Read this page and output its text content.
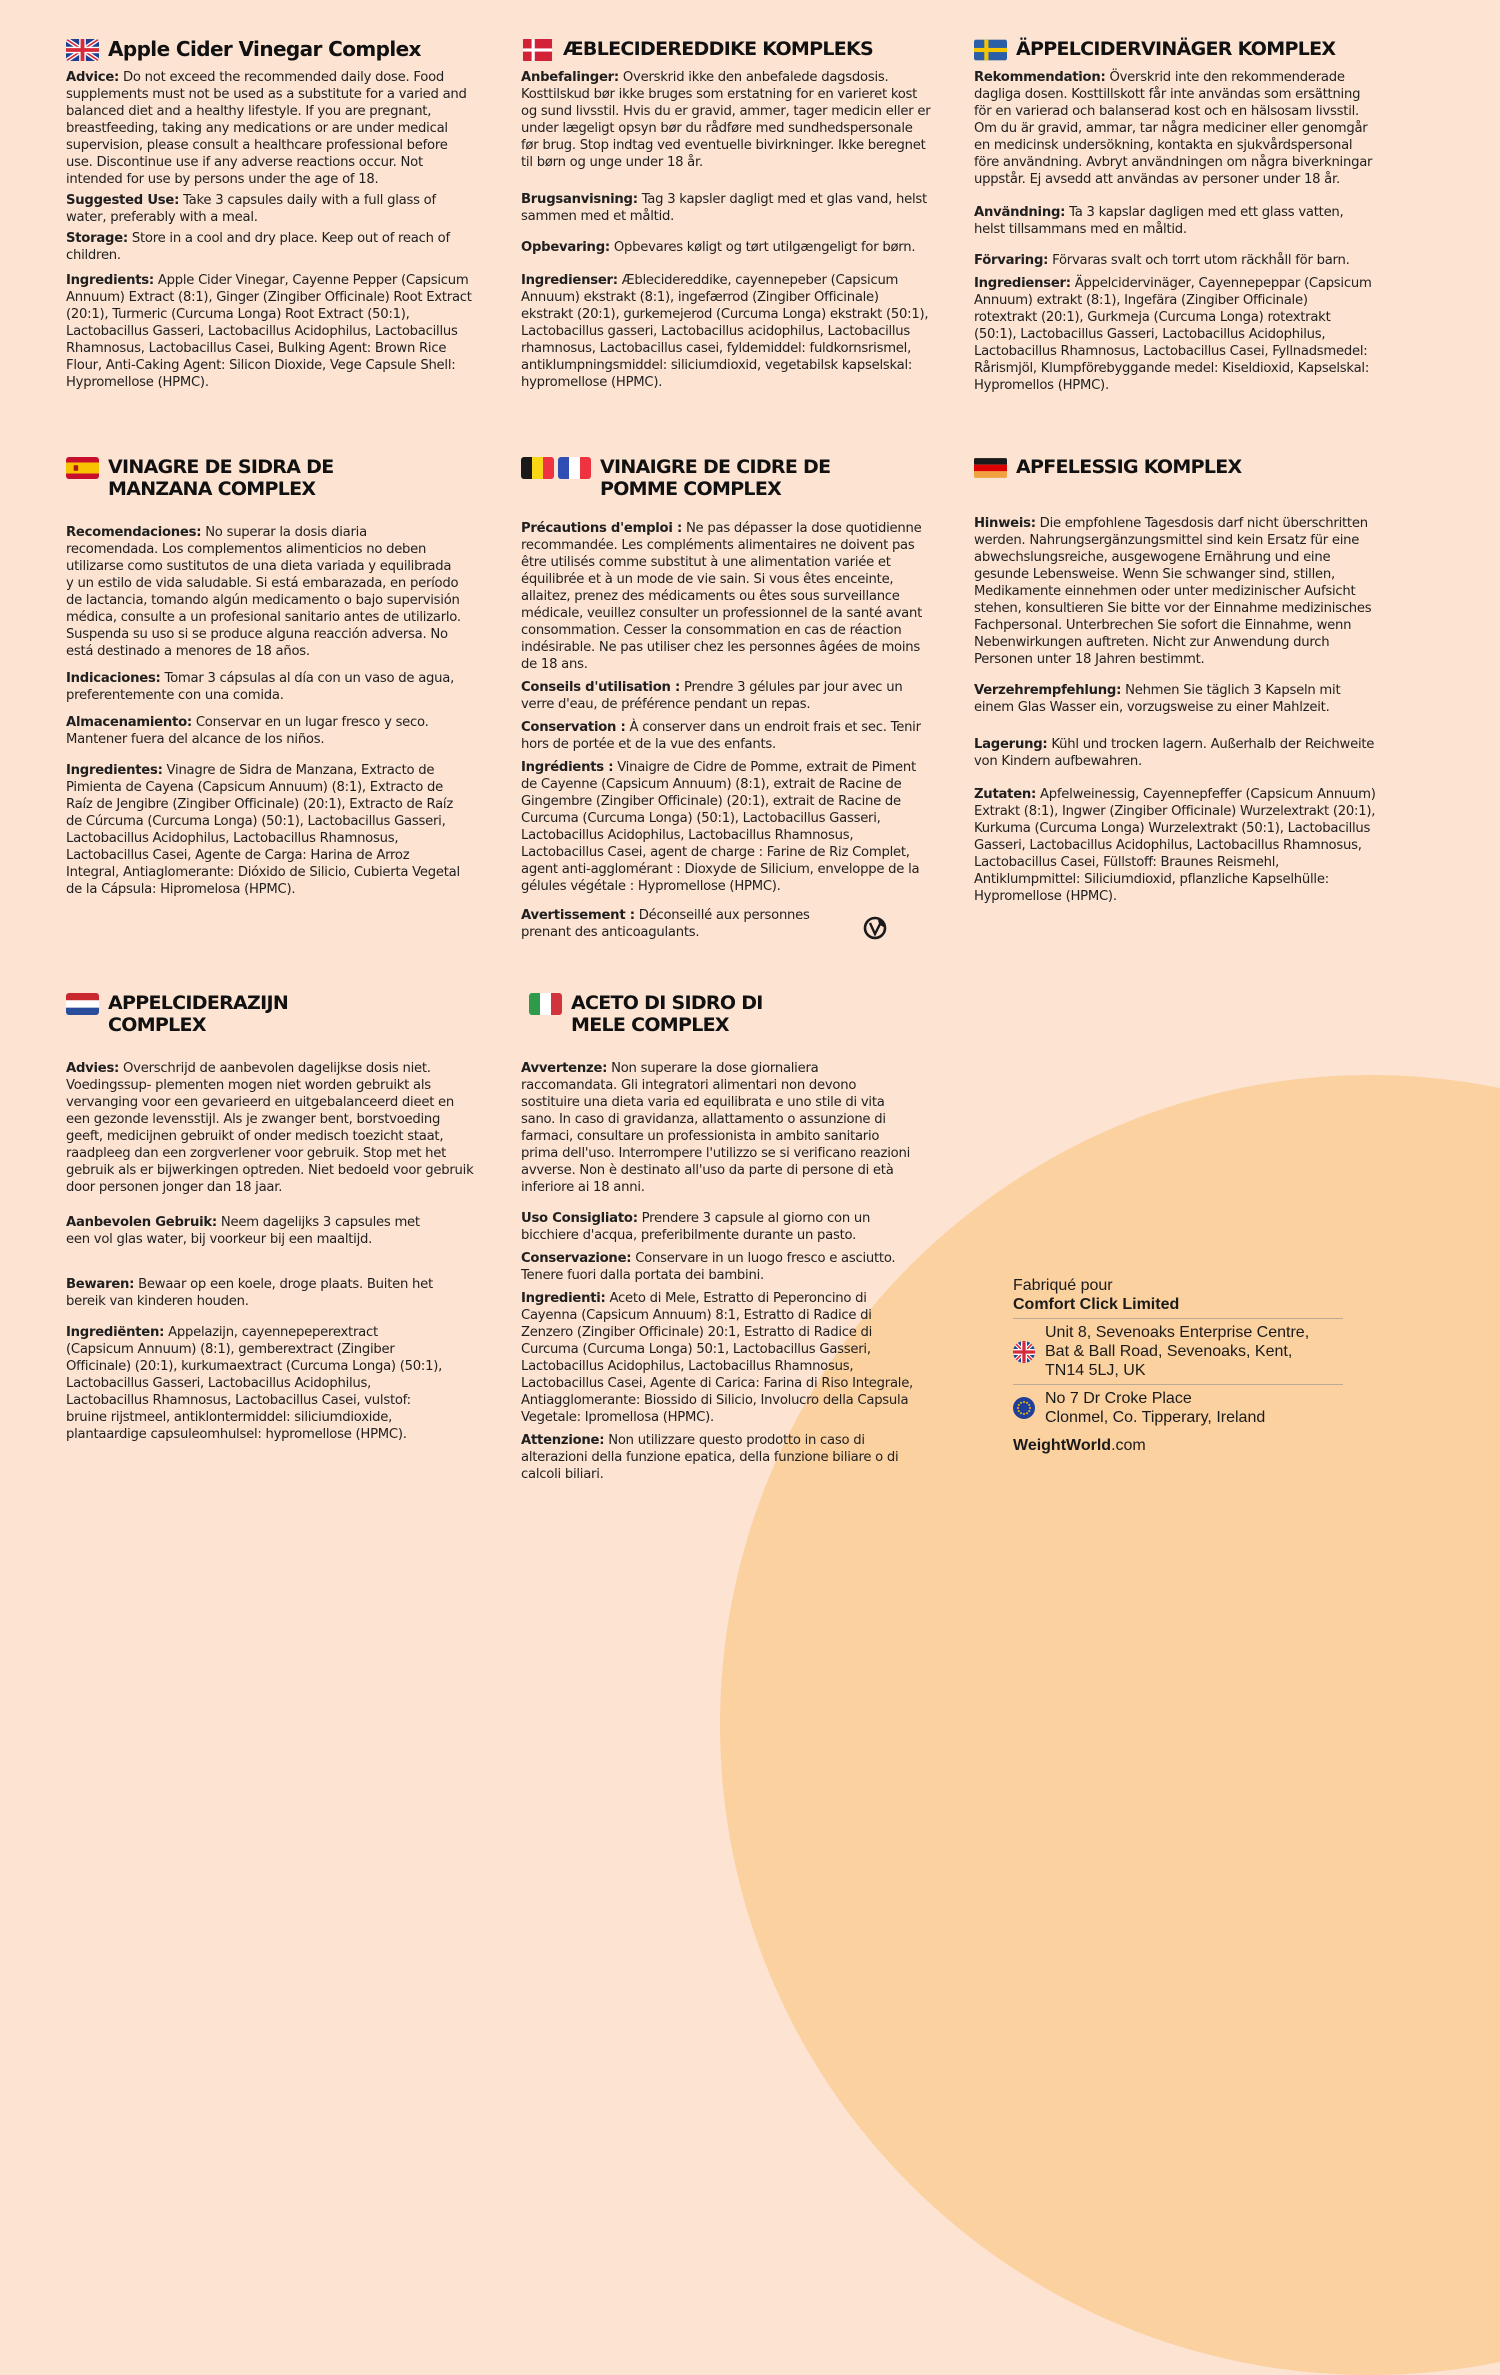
Apple Cider Vinegar Complex

Advice: Do not exceed the recommended daily dose. Food supplements must not be used as a substitute for a varied and balanced diet and a healthy lifestyle. If you are pregnant, breastfeeding, taking any medications or are under medical supervision, please consult a healthcare professional before use. Discontinue use if any adverse reactions occur. Not intended for use by persons under the age of 18.

Suggested Use: Take 3 capsules daily with a full glass of water, preferably with a meal.

Storage: Store in a cool and dry place. Keep out of reach of children.

Ingredients: Apple Cider Vinegar, Cayenne Pepper (Capsicum Annuum) Extract (8:1), Ginger (Zingiber Officinale) Root Extract (20:1), Turmeric (Curcuma Longa) Root Extract (50:1), Lactobacillus Gasseri, Lactobacillus Acidophilus, Lactobacillus Rhamnosus, Lactobacillus Casei, Bulking Agent: Brown Rice Flour, Anti-Caking Agent: Silicon Dioxide, Vege Capsule Shell: Hypromellose (HPMC).

ÆBLECIDEREDDIKE KOMPLEKS

Anbefalinger: Overskrid ikke den anbefalede dagsdosis. Kosttilskud bør ikke bruges som erstatning for en varieret kost og sund livsstil. Hvis du er gravid, ammer, tager medicin eller er under lægeligt opsyn bør du rådføre med sundhedspersonale før brug. Stop indtag ved eventuelle bivirkninger. Ikke beregnet til børn og unge under 18 år.

Brugsanvisning: Tag 3 kapsler dagligt med et glas vand, helst sammen med et måltid.

Opbevaring: Opbevares køligt og tørt utilgængeligt for børn.

Ingredienser: Æblecidereddike, cayennepeber (Capsicum Annuum) ekstrakt (8:1), ingefærrod (Zingiber Officinale) ekstrakt (20:1), gurkemejerod (Curcuma Longa) ekstrakt (50:1), Lactobacillus gasseri, Lactobacillus acidophilus, Lactobacillus rhamnosus, Lactobacillus casei, fyldemiddel: fuldkornsrismel, antiklumpningsmiddel: siliciumdioxid, vegetabilsk kapselskal: hypromellose (HPMC).

ÄPPELCIDERVINÄGER KOMPLEX

Rekommendation: Överskrid inte den rekommenderade dagliga dosen. Kosttillskott får inte användas som ersättning för en varierad och balanserad kost och en hälsosam livsstil. Om du är gravid, ammar, tar några mediciner eller genomgår en medicinsk undersökning, kontakta en sjukvårdspersonal före användning. Avbryt användningen om några biverkningar uppstår. Ej avsedd att användas av personer under 18 år.

Användning: Ta 3 kapslar dagligen med ett glass vatten, helst tillsammans med en måltid.

Förvaring: Förvaras svalt och torrt utom räckhåll för barn.

Ingredienser: Äppelcidervinäger, Cayennepeppar (Capsicum Annuum) extrakt (8:1), Ingefära (Zingiber Officinale) rotextrakt (20:1), Gurkmeja (Curcuma Longa) rotextrakt (50:1), Lactobacillus Gasseri, Lactobacillus Acidophilus, Lactobacillus Rhamnosus, Lactobacillus Casei, Fyllnadsmedel: Rårismjöl, Klumpförebyggande medel: Kiseldioxid, Kapselskal: Hypromellos (HPMC).

VINAGRE DE SIDRA DE
MANZANA COMPLEX

Recomendaciones: No superar la dosis diaria recomendada. Los complementos alimenticios no deben utilizarse como sustitutos de una dieta variada y equilibrada y un estilo de vida saludable. Si está embarazada, en período de lactancia, tomando algún medicamento o bajo supervisión médica, consulte a un profesional sanitario antes de utilizarlo. Suspenda su uso si se produce alguna reacción adversa. No está destinado a menores de 18 años.

Indicaciones: Tomar 3 cápsulas al día con un vaso de agua, preferentemente con una comida.

Almacenamiento: Conservar en un lugar fresco y seco. Mantener fuera del alcance de los niños.

Ingredientes: Vinagre de Sidra de Manzana, Extracto de Pimienta de Cayena (Capsicum Annuum) (8:1), Extracto de Raíz de Jengibre (Zingiber Officinale) (20:1), Extracto de Raíz de Cúrcuma (Curcuma Longa) (50:1), Lactobacillus Gasseri, Lactobacillus Acidophilus, Lactobacillus Rhamnosus, Lactobacillus Casei, Agente de Carga: Harina de Arroz Integral, Antiaglomerante: Dióxido de Silicio, Cubierta Vegetal de la Cápsula: Hipromelosa (HPMC).

VINAIGRE DE CIDRE DE
POMME COMPLEX

Précautions d'emploi : Ne pas dépasser la dose quotidienne recommandée. Les compléments alimentaires ne doivent pas être utilisés comme substitut à une alimentation variée et équilibrée et à un mode de vie sain. Si vous êtes enceinte, allaitez, prenez des médicaments ou êtes sous surveillance médicale, veuillez consulter un professionnel de la santé avant consommation. Cesser la consommation en cas de réaction indésirable. Ne pas utiliser chez les personnes âgées de moins de 18 ans.

Conseils d'utilisation : Prendre 3 gélules par jour avec un verre d'eau, de préférence pendant un repas.

Conservation : À conserver dans un endroit frais et sec. Tenir hors de portée et de la vue des enfants.

Ingrédients : Vinaigre de Cidre de Pomme, extrait de Piment de Cayenne (Capsicum Annuum) (8:1), extrait de Racine de Gingembre (Zingiber Officinale) (20:1), extrait de Racine de Curcuma (Curcuma Longa) (50:1), Lactobacillus Gasseri, Lactobacillus Acidophilus, Lactobacillus Rhamnosus, Lactobacillus Casei, agent de charge : Farine de Riz Complet, agent anti-agglomérant : Dioxyde de Silicium, enveloppe de la gélules végétale : Hypromellose (HPMC).

Avertissement : Déconseillé aux personnes prenant des anticoagulants.

APFELESSIG KOMPLEX

Hinweis: Die empfohlene Tagesdosis darf nicht überschritten werden. Nahrungsergänzungsmittel sind kein Ersatz für eine abwechslungsreiche, ausgewogene Ernährung und eine gesunde Lebensweise. Wenn Sie schwanger sind, stillen, Medikamente einnehmen oder unter medizinischer Aufsicht stehen, konsultieren Sie bitte vor der Einnahme medizinisches Fachpersonal. Unterbrechen Sie sofort die Einnahme, wenn Nebenwirkungen auftreten. Nicht zur Anwendung durch Personen unter 18 Jahren bestimmt.

Verzehrempfehlung: Nehmen Sie täglich 3 Kapseln mit einem Glas Wasser ein, vorzugsweise zu einer Mahlzeit.

Lagerung: Kühl und trocken lagern. Außerhalb der Reichweite von Kindern aufbewahren.

Zutaten: Apfelweinessig, Cayennepfeffer (Capsicum Annuum) Extrakt (8:1), Ingwer (Zingiber Officinale) Wurzelextrakt (20:1), Kurkuma (Curcuma Longa) Wurzelextrakt (50:1), Lactobacillus Gasseri, Lactobacillus Acidophilus, Lactobacillus Rhamnosus, Lactobacillus Casei, Füllstoff: Braunes Reismehl, Antiklumpmittel: Siliciumdioxid, pflanzliche Kapselhülle: Hypromellose (HPMC).

APPELCIDERAZIJN
COMPLEX

Advies: Overschrijd de aanbevolen dagelijkse dosis niet. Voedingssup- plementen mogen niet worden gebruikt als vervanging voor een gevarieerd en uitgebalanceerd dieet en een gezonde levensstijl. Als je zwanger bent, borstvoeding geeft, medicijnen gebruikt of onder medisch toezicht staat, raadpleeg dan een zorgverlener voor gebruik. Stop met het gebruik als er bijwerkingen optreden. Niet bedoeld voor gebruik door personen jonger dan 18 jaar.

Aanbevolen Gebruik: Neem dagelijks 3 capsules met een vol glas water, bij voorkeur bij een maaltijd.

Bewaren: Bewaar op een koele, droge plaats. Buiten het bereik van kinderen houden.

Ingrediënten: Appelazijn, cayennepeperextract (Capsicum Annuum) (8:1), gemberextract (Zingiber Officinale) (20:1), kurkumaextract (Curcuma Longa) (50:1), Lactobacillus Gasseri, Lactobacillus Acidophilus, Lactobacillus Rhamnosus, Lactobacillus Casei, vulstof: bruine rijstmeel, antiklontermiddel: siliciumdioxide, plantaardige capsuleomhulsel: hypromellose (HPMC).

ACETO DI SIDRO DI
MELE COMPLEX

Avvertenze: Non superare la dose giornaliera raccomandata. Gli integratori alimentari non devono sostituire una dieta varia ed equilibrata e uno stile di vita sano. In caso di gravidanza, allattamento o assunzione di farmaci, consultare un professionista in ambito sanitario prima dell'uso. Interrompere l'utilizzo se si verificano reazioni avverse. Non è destinato all'uso da parte di persone di età inferiore ai 18 anni.

Uso Consigliato: Prendere 3 capsule al giorno con un bicchiere d'acqua, preferibilmente durante un pasto.

Conservazione: Conservare in un luogo fresco e asciutto. Tenere fuori dalla portata dei bambini.

Ingredienti: Aceto di Mele, Estratto di Peperoncino di Cayenna (Capsicum Annuum) 8:1, Estratto di Radice di Zenzero (Zingiber Officinale) 20:1, Estratto di Radice di Curcuma (Curcuma Longa) 50:1, Lactobacillus Gasseri, Lactobacillus Acidophilus, Lactobacillus Rhamnosus, Lactobacillus Casei, Agente di Carica: Farina di Riso Integrale, Antiagglomerante: Biossido di Silicio, Involucro della Capsula Vegetale: Ipromellosa (HPMC).

Attenzione: Non utilizzare questo prodotto in caso di alterazioni della funzione epatica, della funzione biliare o di calcoli biliari.

Fabriqué pour
Comfort Click Limited
Unit 8, Sevenoaks Enterprise Centre,
Bat & Ball Road, Sevenoaks, Kent,
TN14 5LJ, UK
No 7 Dr Croke Place
Clonmel, Co. Tipperary, Ireland
WeightWorld.com
